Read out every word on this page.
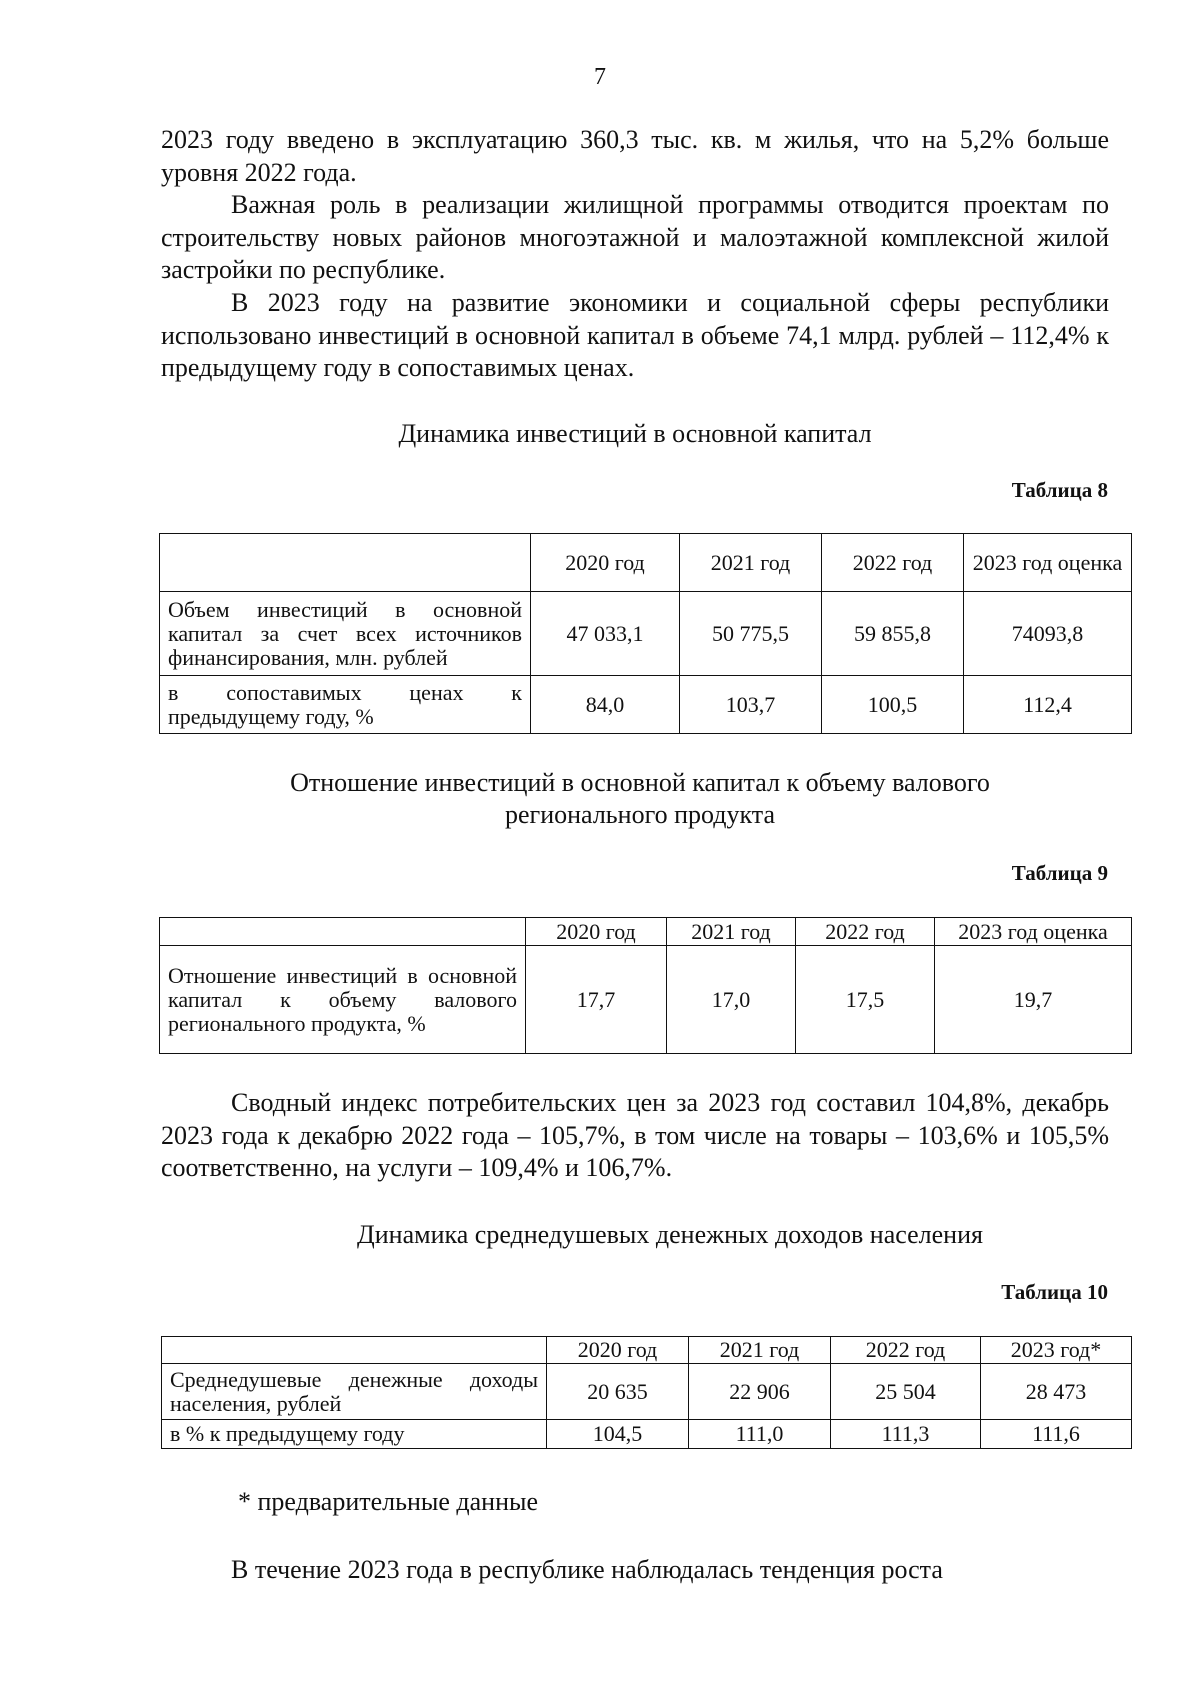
7

2023 году введено в эксплуатацию 360,3 тыс. кв. м жилья, что на 5,2% больше уровня 2022 года.

Важная роль в реализации жилищной программы отводится проектам по строительству новых районов многоэтажной и малоэтажной комплексной жилой застройки по республике.

В 2023 году на развитие экономики и социальной сферы республики использовано инвестиций в основной капитал в объеме 74,1 млрд. рублей – 112,4% к предыдущему году в сопоставимых ценах.

Динамика инвестиций в основной капитал
Таблица 8
	2020 год	2021 год	2022 год	2023 год оценка
Объем инвестиций в основной капитал за счет всех источников финансирования, млн. рублей	47 033,1	50 775,5	59 855,8	74093,8
в сопоставимых ценах к предыдущему году, %	84,0	103,7	100,5	112,4
Отношение инвестиций в основной капитал к объему валового регионального продукта
Таблица 9
	2020 год	2021 год	2022 год	2023 год оценка
Отношение инвестиций в основной капитал к объему валового регионального продукта, %	17,7	17,0	17,5	19,7

Сводный индекс потребительских цен за 2023 год составил 104,8%, декабрь 2023 года к декабрю 2022 года – 105,7%, в том числе на товары – 103,6% и 105,5% соответственно, на услуги – 109,4% и 106,7%.

Динамика среднедушевых денежных доходов населения
Таблица 10
	2020 год	2021 год	2022 год	2023 год*
Среднедушевые денежные доходы населения, рублей	20 635	22 906	25 504	28 473
в % к предыдущему году	104,5	111,0	111,3	111,6
* предварительные данные

В течение 2023 года в республике наблюдалась тенденция роста
